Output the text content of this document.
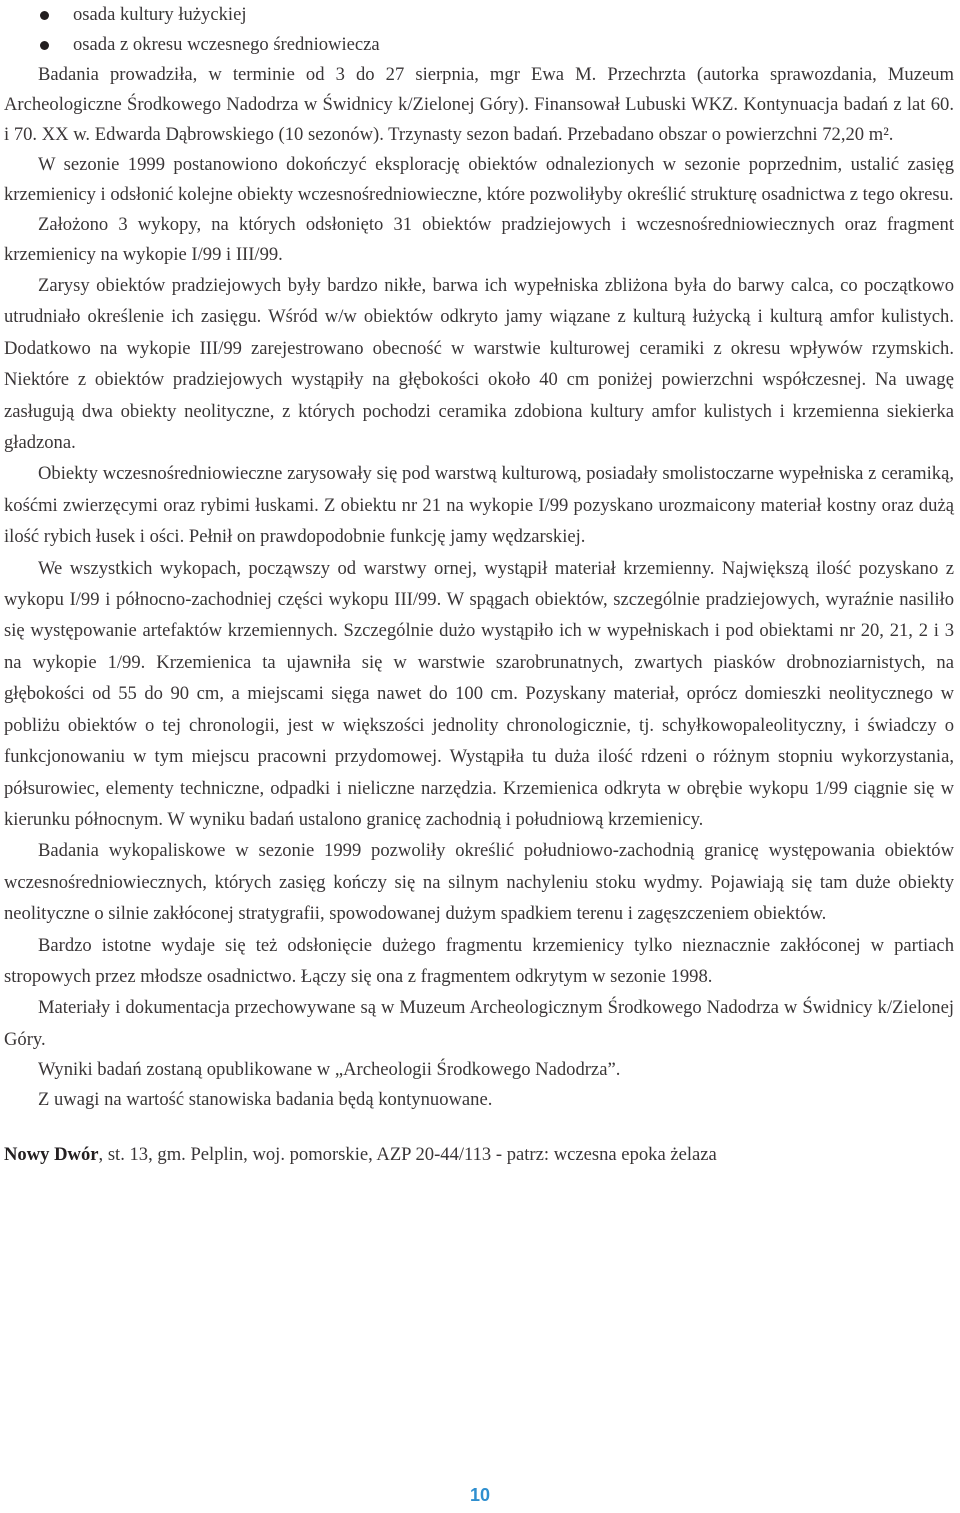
osada kultury łużyckiej
osada z okresu wczesnego średniowiecza

Badania prowadziła, w terminie od 3 do 27 sierpnia, mgr Ewa M. Przechrzta (autorka sprawozdania, Muzeum Archeologiczne Środkowego Nadodrza w Świdnicy k/Zielonej Góry). Finansował Lubuski WKZ. Kontynuacja badań z lat 60. i 70. XX w. Edwarda Dąbrowskiego (10 sezonów). Trzynasty sezon badań. Przebadano obszar o powierzchni 72,20 m².

W sezonie 1999 postanowiono dokończyć eksplorację obiektów odnalezionych w sezonie poprzednim, ustalić zasięg krzemienicy i odsłonić kolejne obiekty wczesnośredniowieczne, które pozwoliłyby określić strukturę osadnictwa z tego okresu.

Założono 3 wykopy, na których odsłonięto 31 obiektów pradziejowych i wczesnośredniowiecznych oraz fragment krzemienicy na wykopie I/99 i III/99.

Zarysy obiektów pradziejowych były bardzo nikłe, barwa ich wypełniska zbliżona była do barwy calca, co początkowo utrudniało określenie ich zasięgu. Wśród w/w obiektów odkryto jamy wiązane z kulturą łużycką i kulturą amfor kulistych. Dodatkowo na wykopie III/99 zarejestrowano obecność w warstwie kulturowej ceramiki z okresu wpływów rzymskich. Niektóre z obiektów pradziejowych wystąpiły na głębokości około 40 cm poniżej powierzchni współczesnej. Na uwagę zasługują dwa obiekty neolityczne, z których pochodzi ceramika zdobiona kultury amfor kulistych i krzemienna siekierka gładzona.

Obiekty wczesnośredniowieczne zarysowały się pod warstwą kulturową, posiadały smolistoczarne wypełniska z ceramiką, kośćmi zwierzęcymi oraz rybimi łuskami. Z obiektu nr 21 na wykopie I/99 pozyskano urozmaicony materiał kostny oraz dużą ilość rybich łusek i ości. Pełnił on prawdopodobnie funkcję jamy wędzarskiej.

We wszystkich wykopach, począwszy od warstwy ornej, wystąpił materiał krzemienny. Największą ilość pozyskano z wykopu I/99 i północno-zachodniej części wykopu III/99. W spągach obiektów, szczególnie pradziejowych, wyraźnie nasiliło się występowanie artefaktów krzemiennych. Szczególnie dużo wystąpiło ich w wypełniskach i pod obiektami nr 20, 21, 2 i 3 na wykopie 1/99. Krzemienica ta ujawniła się w warstwie szarobrunatnych, zwartych piasków drobnoziarnistych, na głębokości od 55 do 90 cm, a miejscami sięga nawet do 100 cm. Pozyskany materiał, oprócz domieszki neolitycznego w pobliżu obiektów o tej chronologii, jest w większości jednolity chronologicznie, tj. schyłkowopaleolityczny, i świadczy o funkcjonowaniu w tym miejscu pracowni przydomowej. Wystąpiła tu duża ilość rdzeni o różnym stopniu wykorzystania, półsurowiec, elementy techniczne, odpadki i nieliczne narzędzia. Krzemienica odkryta w obrębie wykopu 1/99 ciągnie się w kierunku północnym. W wyniku badań ustalono granicę zachodnią i południową krzemienicy.

Badania wykopaliskowe w sezonie 1999 pozwoliły określić południowo-zachodnią granicę występowania obiektów wczesnośredniowiecznych, których zasięg kończy się na silnym nachyleniu stoku wydmy. Pojawiają się tam duże obiekty neolityczne o silnie zakłóconej stratygrafii, spowodowanej dużym spadkiem terenu i zagęszczeniem obiektów.

Bardzo istotne wydaje się też odsłonięcie dużego fragmentu krzemienicy tylko nieznacznie zakłóconej w partiach stropowych przez młodsze osadnictwo. Łączy się ona z fragmentem odkrytym w sezonie 1998.

Materiały i dokumentacja przechowywane są w Muzeum Archeologicznym Środkowego Nadodrza w Świdnicy k/Zielonej Góry.

Wyniki badań zostaną opublikowane w „Archeologii Środkowego Nadodrza”.

Z uwagi na wartość stanowiska badania będą kontynuowane.

Nowy Dwór, st. 13, gm. Pelplin, woj. pomorskie, AZP 20-44/113 - patrz: wczesna epoka żelaza

10
